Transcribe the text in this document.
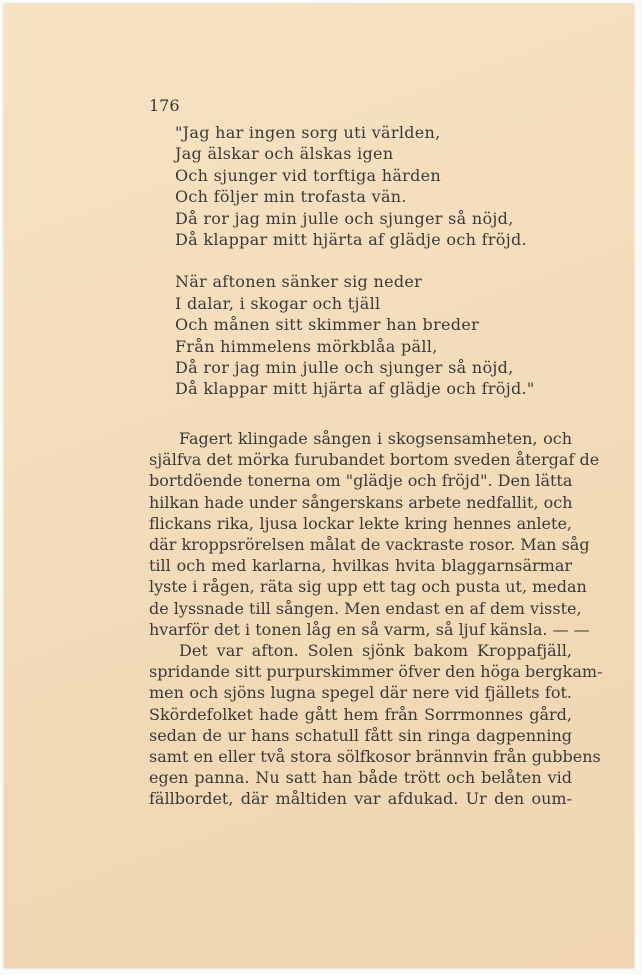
176
"Jag har ingen sorg uti världen,
Jag älskar och älskas igen
Och sjunger vid torftiga härden
Och följer min trofasta vän.
Då ror jag min julle och sjunger så nöjd,
Då klappar mitt hjärta af glädje och fröjd.
När aftonen sänker sig neder
I dalar, i skogar och tjäll
Och månen sitt skimmer han breder
Från himmelens mörkblåa päll,
Då ror jag min julle och sjunger så nöjd,
Då klappar mitt hjärta af glädje och fröjd."
Fagert klingade sången i skogsensamheten, och
själfva det mörka furubandet bortom sveden återgaf de
bortdöende tonerna om "glädje och fröjd". Den lätta
hilkan hade under sångerskans arbete nedfallit, och
flickans rika, ljusa lockar lekte kring hennes anlete,
där kroppsrörelsen målat de vackraste rosor. Man såg
till och med karlarna, hvilkas hvita blaggarnsärmar
lyste i rågen, räta sig upp ett tag och pusta ut, medan
de lyssnade till sången. Men endast en af dem visste,
hvarför det i tonen låg en så varm, så ljuf känsla. — —
Det var afton. Solen sjönk bakom Kroppafjäll,
spridande sitt purpurskimmer öfver den höga bergkam-
men och sjöns lugna spegel där nere vid fjällets fot.
Skördefolket hade gått hem från Sorrmonnes gård,
sedan de ur hans schatull fått sin ringa dagpenning
samt en eller två stora sölfkosor brännvin från gubbens
egen panna. Nu satt han både trött och belåten vid
fällbordet, där måltiden var afdukad. Ur den oum-
